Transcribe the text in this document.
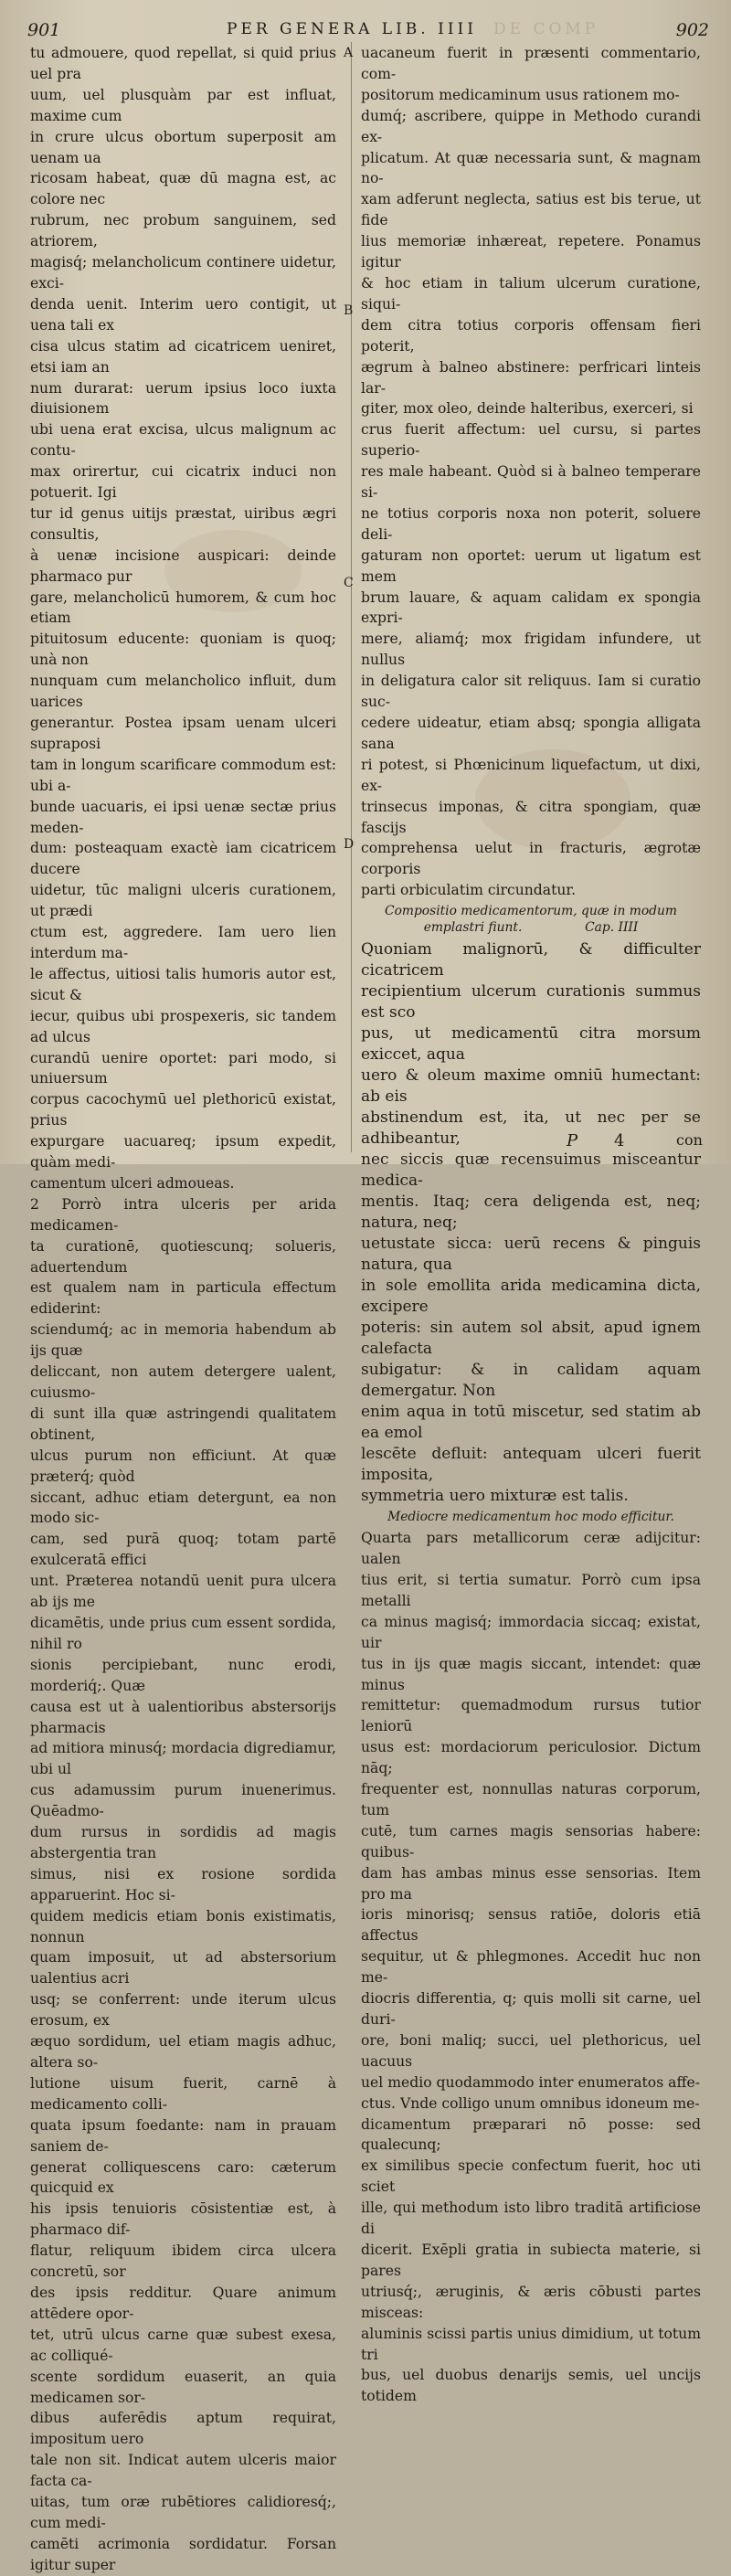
901	PER GENERA LIB. IIII DE COMP	902
A
B
C
D

tu admouere, quod repellat, si quid prius uel pra

uum, uel plusquàm par est influat, maxime cum

in crure ulcus obortum superposit am uenam ua

ricosam habeat, quæ dū magna est, ac colore nec

rubrum, nec probum sanguinem, sed atriorem,

magisq́; melancholicum continere uidetur, exci-

denda uenit. Interim uero contigit, ut uena tali ex

cisa ulcus statim ad cicatricem ueniret, etsi iam an

num durarat: uerum ipsius loco iuxta diuisionem

ubi uena erat excisa, ulcus malignum ac contu-

max orirertur, cui cicatrix induci non potuerit. Igi

tur id genus uitijs præstat, uiribus ægri consultis,

à uenæ incisione auspicari: deinde pharmaco pur

gare, melancholicū humorem, & cum hoc etiam

pituitosum educente: quoniam is quoq; unà non

nunquam cum melancholico influit, dum uarices

generantur. Postea ipsam uenam ulceri supraposi

tam in longum scarificare commodum est: ubi a-

bunde uacuaris, ei ipsi uenæ sectæ prius meden-

dum: posteaquam exactè iam cicatricem ducere

uidetur, tūc maligni ulceris curationem, ut prædi

ctum est, aggredere. Iam uero lien interdum ma-

le affectus, uitiosi talis humoris autor est, sicut &

iecur, quibus ubi prospexeris, sic tandem ad ulcus

curandū uenire oportet: pari modo, si uniuersum

corpus cacochymū uel plethoricū existat, prius

expurgare uacuareq; ipsum expedit, quàm medi-

camentum ulceri admoueas.

2 Porrò intra ulceris per arida medicamen-

ta curationē, quotiescunq; solueris, aduertendum

est qualem nam in particula effectum ediderint:

sciendumq́; ac in memoria habendum ab ijs quæ

deliccant, non autem detergere ualent, cuiusmo-

di sunt illa quæ astringendi qualitatem obtinent,

ulcus purum non efficiunt. At quæ præterq́; quòd

siccant, adhuc etiam detergunt, ea non modo sic-

cam, sed purā quoq; totam partē exulceratā effici

unt. Præterea notandū uenit pura ulcera ab ijs me

dicamētis, unde prius cum essent sordida, nihil ro

sionis percipiebant, nunc erodi, morderiq́;. Quæ

causa est ut à ualentioribus abstersorijs pharmacis

ad mitiora minusq́; mordacia digrediamur, ubi ul

cus adamussim purum inuenerimus. Quēadmo-

dum rursus in sordidis ad magis abstergentia tran

simus, nisi ex rosione sordida apparuerint. Hoc si-

quidem medicis etiam bonis existimatis, nonnun

quam imposuit, ut ad abstersorium ualentius acri

usq; se conferrent: unde iterum ulcus erosum, ex

æquo sordidum, uel etiam magis adhuc, altera so-

lutione uisum fuerit, carnē à medicamento colli-

quata ipsum foedante: nam in prauam saniem de-

generat colliquescens caro: cæterum quicquid ex

his ipsis tenuioris cōsistentiæ est, à pharmaco dif-

flatur, reliquum ibidem circa ulcera concretū, sor

des ipsis redditur. Quare animum attēdere opor-

tet, utrū ulcus carne quæ subest exesa, ac colliqué-

scente sordidum euaserit, an quia medicamen sor-

dibus auferēdis aptum requirat, impositum uero

tale non sit. Indicat autem ulceris maior facta ca-

uitas, tum oræ rubētiores calidioresq́;, cum medi-

camēti acrimonia sordidatur. Forsan igitur super

uacaneum fuerit in præsenti commentario, com-

positorum medicaminum usus rationem mo-

dumq́; ascribere, quippe in Methodo curandi ex-

plicatum. At quæ necessaria sunt, & magnam no-

xam adferunt neglecta, satius est bis terue, ut fide

lius memoriæ inhæreat, repetere. Ponamus igitur

& hoc etiam in talium ulcerum curatione, siqui-

dem citra totius corporis offensam fieri poterit,

ægrum à balneo abstinere: perfricari linteis lar-

giter, mox oleo, deinde halteribus, exerceri, si

crus fuerit affectum: uel cursu, si partes superio-

res male habeant. Quòd si à balneo temperare si-

ne totius corporis noxa non poterit, soluere deli-

gaturam non oportet: uerum ut ligatum est mem

brum lauare, & aquam calidam ex spongia expri-

mere, aliamq́; mox frigidam infundere, ut nullus

in deligatura calor sit reliquus. Iam si curatio suc-

cedere uideatur, etiam absq; spongia alligata sana

ri potest, si Phœnicinum liquefactum, ut dixi, ex-

trinsecus imponas, & citra spongiam, quæ fascijs

comprehensa uelut in fracturis, ægrotæ corporis

parti orbiculatim circundatur.

Compositio medicamentorum, quæ in modum
emplastri fiunt.	Cap. IIII

Quoniam malignorū, & difficulter cicatricem

recipientium ulcerum curationis summus est sco

pus, ut medicamentū citra morsum exiccet, aqua

uero & oleum maxime omniū humectant: ab eis

abstinendum est, ita, ut nec per se adhibeantur,

nec siccis quæ recensuimus misceantur medica-

mentis. Itaq; cera deligenda est, neq; natura, neq;

uetustate sicca: uerū recens & pinguis natura, qua

in sole emollita arida medicamina dicta, excipere

poteris: sin autem sol absit, apud ignem calefacta

subigatur: & in calidam aquam demergatur. Non

enim aqua in totū miscetur, sed statim ab ea emol

lescēte defluit: antequam ulceri fuerit imposita,

symmetria uero mixturæ est talis.

Mediocre medicamentum hoc modo efficitur.

Quarta pars metallicorum ceræ adijcitur: ualen

tius erit, si tertia sumatur. Porrò cum ipsa metalli

ca minus magisq́; immordacia siccaq; existat, uir

tus in ijs quæ magis siccant, intendet: quæ minus

remittetur: quemadmodum rursus tutior leniorū

usus est: mordaciorum periculosior. Dictum nāq;

frequenter est, nonnullas naturas corporum, tum

cutē, tum carnes magis sensorias habere: quibus-

dam has ambas minus esse sensorias. Item pro ma

ioris minorisq; sensus ratiōe, doloris etiā affectus

sequitur, ut & phlegmones. Accedit huc non me-

diocris differentia, q; quis molli sit carne, uel duri-

ore, boni maliq; succi, uel plethoricus, uel uacuus

uel medio quodammodo inter enumeratos affe-

ctus. Vnde colligo unum omnibus idoneum me-

dicamentum præparari nō posse: sed qualecunq;

ex similibus specie confectum fuerit, hoc uti sciet

ille, qui methodum isto libro traditā artificiose di

dicerit. Exēpli gratia in subiecta materie, si pares

utriusq́;, æruginis, & æris cōbusti partes misceas:

aluminis scissi partis unius dimidium, ut totum tri

bus, uel duobus denarijs semis, uel uncijs totidem

P 4	con
